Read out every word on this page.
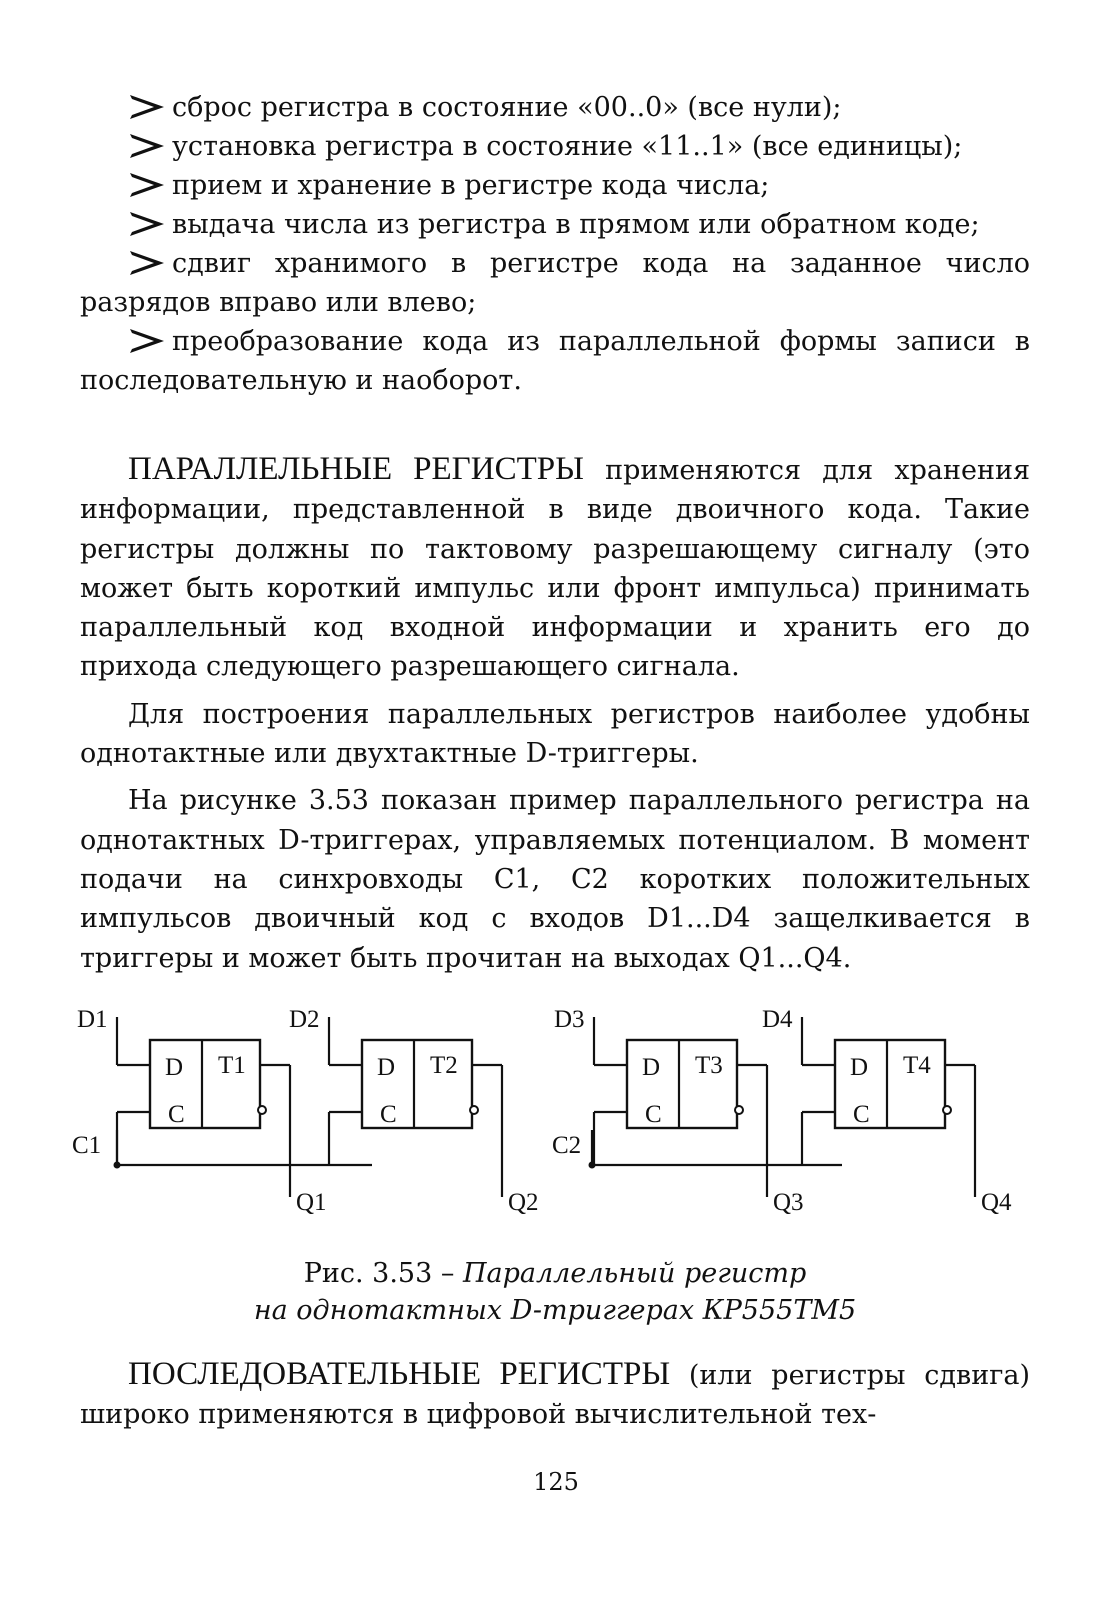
сброс регистра в состояние «00..0» (все нули);

установка регистра в состояние «11..1» (все единицы);

прием и хранение в регистре кода числа;

выдача числа из регистра в прямом или обратном коде;

сдвиг хранимого в регистре кода на заданное число разрядов вправо или влево;

преобразование кода из параллельной формы записи в последовательную и наоборот.

ПАРАЛЛЕЛЬНЫЕ РЕГИСТРЫ применяются для хранения информации, представленной в виде двоичного кода. Такие регистры должны по тактовому разрешающему сигналу (это может быть короткий импульс или фронт импульса) принимать параллельный код входной информации и хранить его до прихода следующего разрешающего сигнала.

Для построения параллельных регистров наиболее удобны однотактные или двухтактные D-триггеры.

На рисунке 3.53 показан пример параллельного регистра на однотактных D-триггерах, управляемых потенциалом. В момент подачи на синхровходы C1, C2 коротких положительных импульсов двоичный код с входов D1...D4 защелкивается в триггеры и может быть прочитан на выходах Q1...Q4.

D
C
T1
D1
Q1
D
C
T2
D2
Q2
D
C
T3
D3
Q3
D
C
T4
D4
Q4
C1	C2
Рис. 3.53 – Параллельный регистр
на однотактных D-триггерах КР555ТМ5

ПОСЛЕДОВАТЕЛЬНЫЕ РЕГИСТРЫ (или регистры сдвига) широко применяются в цифровой вычислительной тех-

125
